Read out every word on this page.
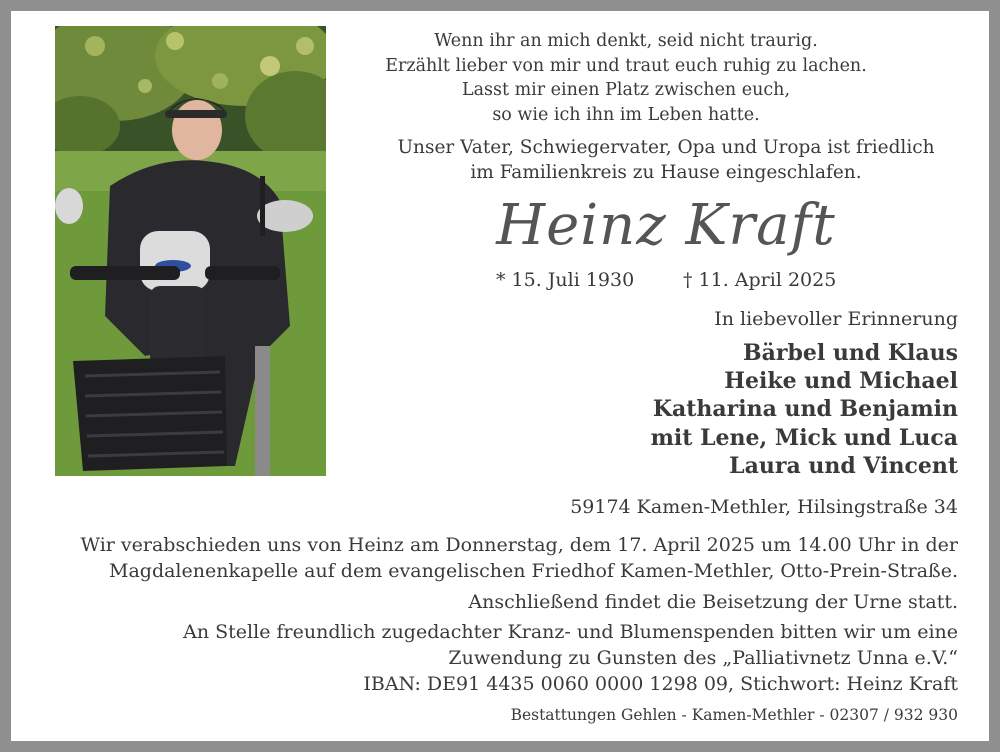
Wenn ihr an mich denkt, seid nicht traurig.
Erzählt lieber von mir und traut euch ruhig zu lachen.
Lasst mir einen Platz zwischen euch,
so wie ich ihn im Leben hatte.
Unser Vater, Schwiegervater, Opa und Uropa ist friedlich
im Familienkreis zu Hause eingeschlafen.
Heinz Kraft
* 15. Juli 1930	† 11. April 2025
In liebevoller Erinnerung
Bärbel und Klaus
Heike und Michael
Katharina und Benjamin
mit Lene, Mick und Luca
Laura und Vincent
59174 Kamen-Methler, Hilsingstraße 34
Wir verabschieden uns von Heinz am Donnerstag, dem 17. April 2025 um 14.00 Uhr in der
Magdalenenkapelle auf dem evangelischen Friedhof Kamen-Methler, Otto-Prein-Straße.
Anschließend findet die Beisetzung der Urne statt.
An Stelle freundlich zugedachter Kranz- und Blumenspenden bitten wir um eine
Zuwendung zu Gunsten des „Palliativnetz Unna e.V.“
IBAN: DE91 4435 0060 0000 1298 09, Stichwort: Heinz Kraft
Bestattungen Gehlen - Kamen-Methler - 02307 / 932 930
